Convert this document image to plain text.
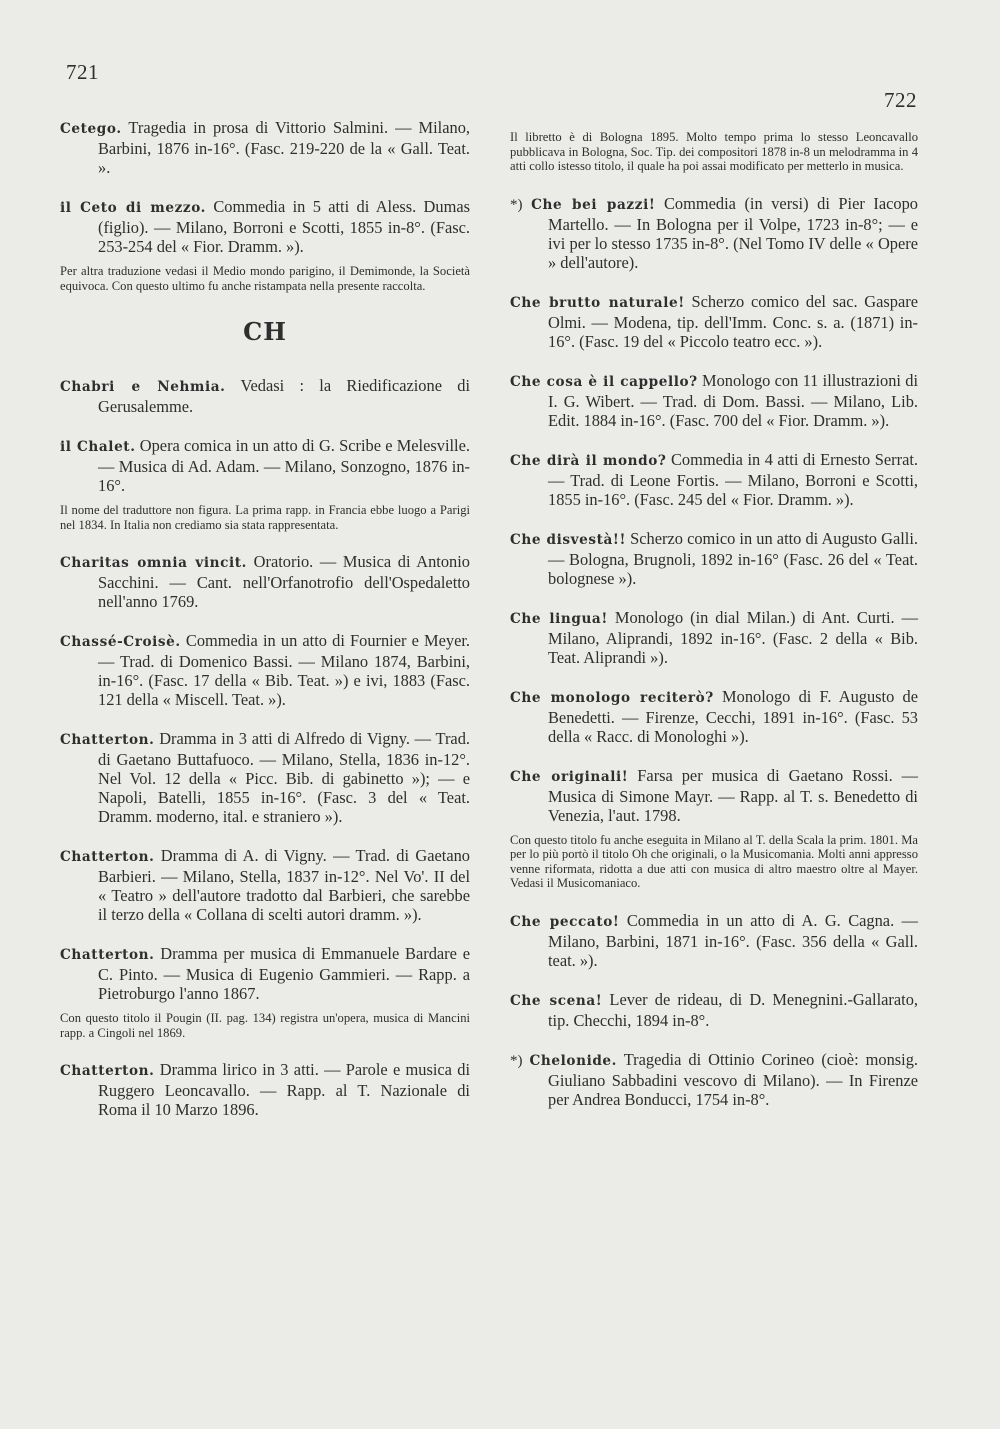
721
722

Cetego. Tragedia in prosa di Vittorio Salmini. — Milano, Barbini, 1876 in-16°. (Fasc. 219-220 de la « Gall. Teat. ».

il Ceto di mezzo. Commedia in 5 atti di Aless. Dumas (figlio). — Milano, Borroni e Scotti, 1855 in-8°. (Fasc. 253-254 del « Fior. Dramm. »).

Per altra traduzione vedasi il Medio mondo parigino, il Demimonde, la Società equivoca. Con questo ultimo fu anche ristampata nella presente raccolta.

CH

Chabri e Nehmia. Vedasi : la Riedificazione di Gerusalemme.

il Chalet. Opera comica in un atto di G. Scribe e Melesville. — Musica di Ad. Adam. — Milano, Sonzogno, 1876 in-16°.

Il nome del traduttore non figura. La prima rapp. in Francia ebbe luogo a Parigi nel 1834. In Italia non crediamo sia stata rappresentata.

Charitas omnia vincit. Oratorio. — Musica di Antonio Sacchini. — Cant. nell'Orfanotrofio dell'Ospedaletto nell'anno 1769.

Chassé-Croisè. Commedia in un atto di Fournier e Meyer. — Trad. di Domenico Bassi. — Milano 1874, Barbini, in-16°. (Fasc. 17 della « Bib. Teat. ») e ivi, 1883 (Fasc. 121 della « Miscell. Teat. »).

Chatterton. Dramma in 3 atti di Alfredo di Vigny. — Trad. di Gaetano Buttafuoco. — Milano, Stella, 1836 in-12°. Nel Vol. 12 della « Picc. Bib. di gabinetto »); — e Napoli, Batelli, 1855 in-16°. (Fasc. 3 del « Teat. Dramm. moderno, ital. e straniero »).

Chatterton. Dramma di A. di Vigny. — Trad. di Gaetano Barbieri. — Milano, Stella, 1837 in-12°. Nel Vo'. II del « Teatro » dell'autore tradotto dal Barbieri, che sarebbe il terzo della « Collana di scelti autori dramm. »).

Chatterton. Dramma per musica di Emmanuele Bardare e C. Pinto. — Musica di Eugenio Gammieri. — Rapp. a Pietroburgo l'anno 1867.

Con questo titolo il Pougin (II. pag. 134) registra un'opera, musica di Mancini rapp. a Cingoli nel 1869.

Chatterton. Dramma lirico in 3 atti. — Parole e musica di Ruggero Leoncavallo. — Rapp. al T. Nazionale di Roma il 10 Marzo 1896.

Il libretto è di Bologna 1895. Molto tempo prima lo stesso Leoncavallo pubblicava in Bologna, Soc. Tip. dei compositori 1878 in-8 un melodramma in 4 atti collo istesso titolo, il quale ha poi assai modificato per metterlo in musica.

*) Che bei pazzi! Commedia (in versi) di Pier Iacopo Martello. — In Bologna per il Volpe, 1723 in-8°; — e ivi per lo stesso 1735 in-8°. (Nel Tomo IV delle « Opere » dell'autore).

Che brutto naturale! Scherzo comico del sac. Gaspare Olmi. — Modena, tip. dell'Imm. Conc. s. a. (1871) in-16°. (Fasc. 19 del « Piccolo teatro ecc. »).

Che cosa è il cappello? Monologo con 11 illustrazioni di I. G. Wibert. — Trad. di Dom. Bassi. — Milano, Lib. Edit. 1884 in-16°. (Fasc. 700 del « Fior. Dramm. »).

Che dirà il mondo? Commedia in 4 atti di Ernesto Serrat. — Trad. di Leone Fortis. — Milano, Borroni e Scotti, 1855 in-16°. (Fasc. 245 del « Fior. Dramm. »).

Che disvestà!! Scherzo comico in un atto di Augusto Galli. — Bologna, Brugnoli, 1892 in-16° (Fasc. 26 del « Teat. bolognese »).

Che lingua! Monologo (in dial Milan.) di Ant. Curti. — Milano, Aliprandi, 1892 in-16°. (Fasc. 2 della « Bib. Teat. Aliprandi »).

Che monologo reciterò? Monologo di F. Augusto de Benedetti. — Firenze, Cecchi, 1891 in-16°. (Fasc. 53 della « Racc. di Monologhi »).

Che originali! Farsa per musica di Gaetano Rossi. — Musica di Simone Mayr. — Rapp. al T. s. Benedetto di Venezia, l'aut. 1798.

Con questo titolo fu anche eseguita in Milano al T. della Scala la prim. 1801. Ma per lo più portò il titolo Oh che originali, o la Musicomania. Molti anni appresso venne riformata, ridotta a due atti con musica di altro maestro oltre al Mayer. Vedasi il Musicomaniaco.

Che peccato! Commedia in un atto di A. G. Cagna. — Milano, Barbini, 1871 in-16°. (Fasc. 356 della « Gall. teat. »).

Che scena! Lever de rideau, di D. Menegnini.-Gallarato, tip. Checchi, 1894 in-8°.

*) Chelonide. Tragedia di Ottinio Corineo (cioè: monsig. Giuliano Sabbadini vescovo di Milano). — In Firenze per Andrea Bonducci, 1754 in-8°.
